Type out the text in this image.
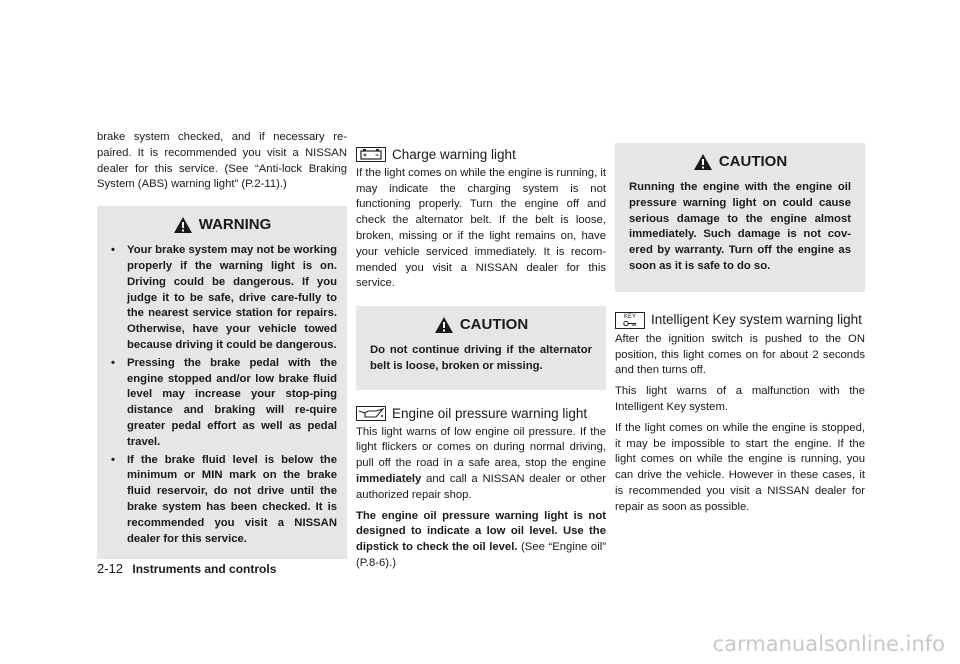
brake system checked, and if necessary re-paired. It is recommended you visit a NISSAN dealer for this service. (See “Anti-lock Braking System (ABS) warning light” (P.2-11).)

WARNING
• Your brake system may not be working properly if the warning light is on. Driving could be dangerous. If you judge it to be safe, drive care-fully to the nearest service station for repairs. Otherwise, have your vehicle towed because driving it could be dangerous.
• Pressing the brake pedal with the engine stopped and/or low brake fluid level may increase your stop-ping distance and braking will re-quire greater pedal effort as well as pedal travel.
• If the brake fluid level is below the minimum or MIN mark on the brake fluid reservoir, do not drive until the brake system has been checked. It is recommended you visit a NISSAN dealer for this service.
Charge warning light

If the light comes on while the engine is running, it may indicate the charging system is not functioning properly. Turn the engine off and check the alternator belt. If the belt is loose, broken, missing or if the light remains on, have your vehicle serviced immediately. It is recom-mended you visit a NISSAN dealer for this service.

CAUTION

Do not continue driving if the alternator belt is loose, broken or missing.

Engine oil pressure warning light

This light warns of low engine oil pressure. If the light flickers or comes on during normal driving, pull off the road in a safe area, stop the engine immediately and call a NISSAN dealer or other authorized repair shop.

The engine oil pressure warning light is not designed to indicate a low oil level. Use the dipstick to check the oil level. (See “Engine oil” (P.8-6).)

CAUTION

Running the engine with the engine oil pressure warning light on could cause serious damage to the engine almost immediately. Such damage is not cov-ered by warranty. Turn off the engine as soon as it is safe to do so.

KEY Intelligent Key system warning light

After the ignition switch is pushed to the ON position, this light comes on for about 2 seconds and then turns off.

This light warns of a malfunction with the Intelligent Key system.

If the light comes on while the engine is stopped, it may be impossible to start the engine. If the light comes on while the engine is running, you can drive the vehicle. However in these cases, it is recommended you visit a NISSAN dealer for repair as soon as possible.

2-12 Instruments and controls
carmanualsonline.info
